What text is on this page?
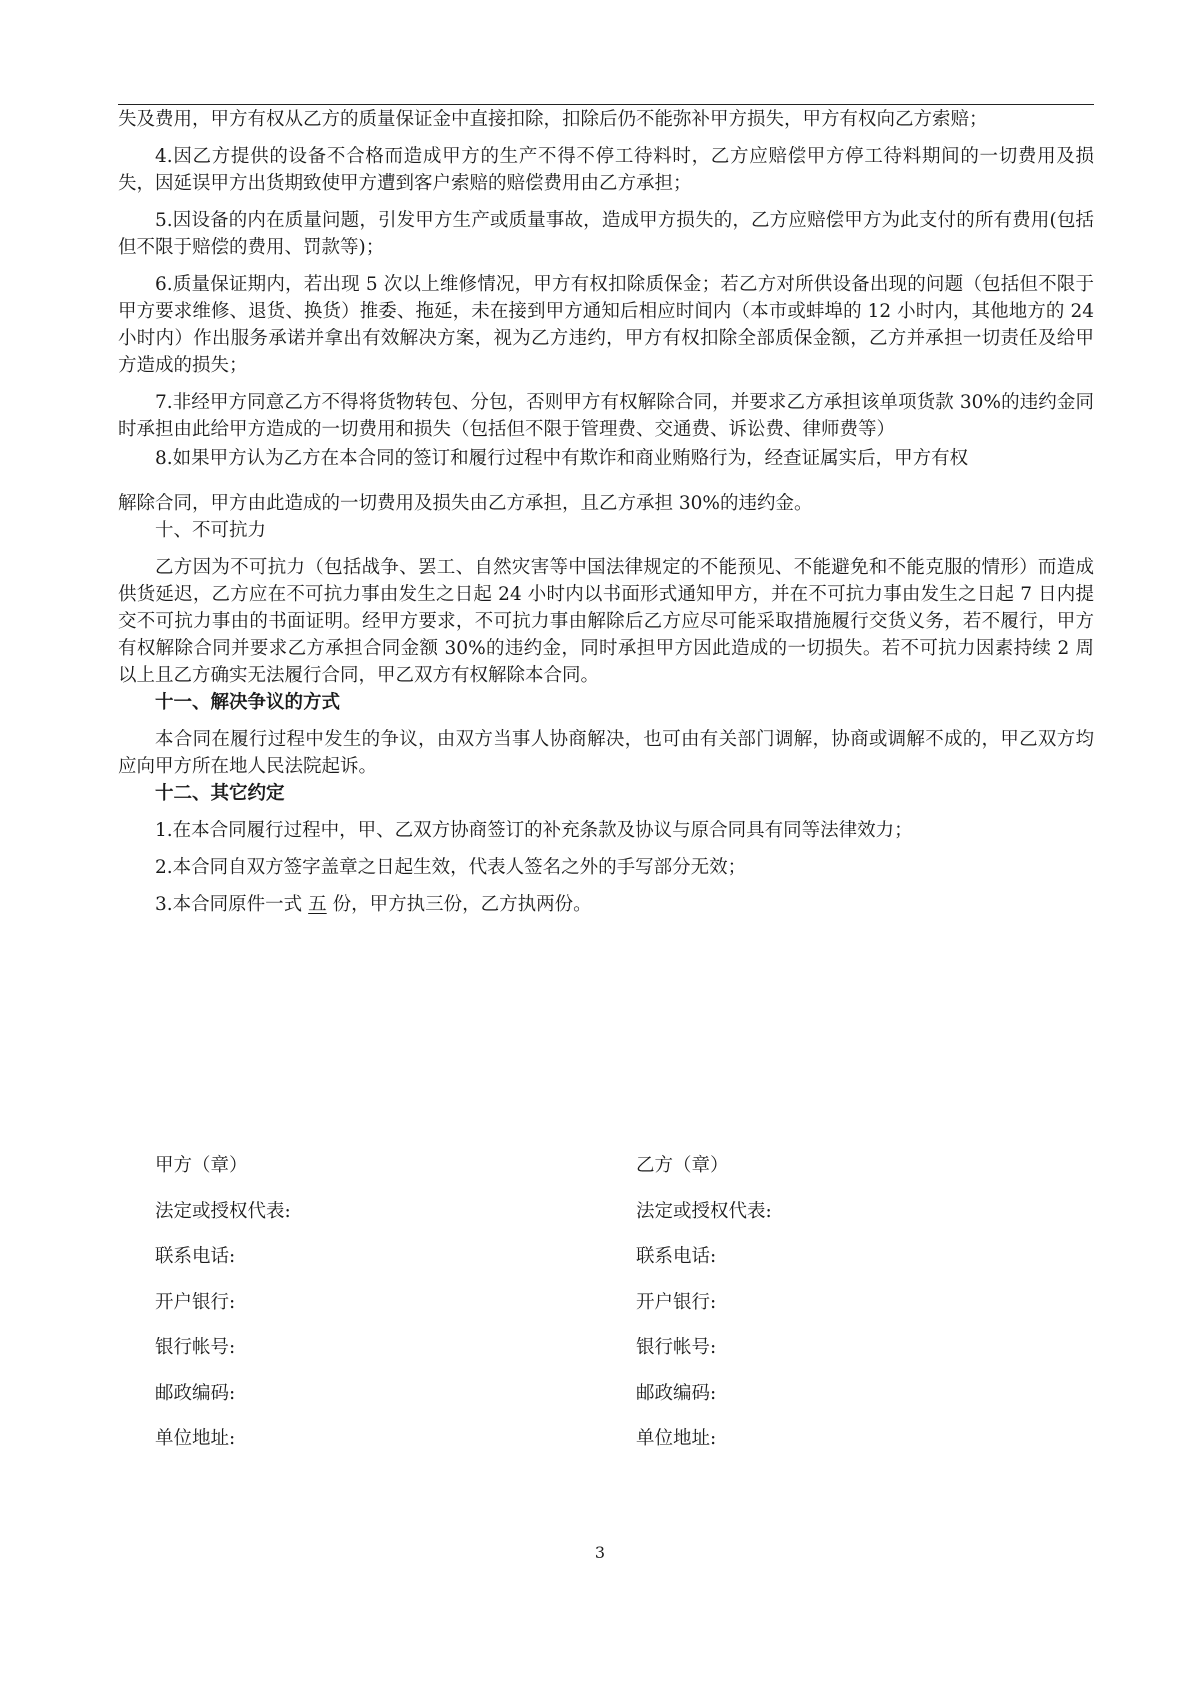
失及费用，甲方有权从乙方的质量保证金中直接扣除，扣除后仍不能弥补甲方损失，甲方有权向乙方索赔；

4.因乙方提供的设备不合格而造成甲方的生产不得不停工待料时，乙方应赔偿甲方停工待料期间的一切费用及损失，因延误甲方出货期致使甲方遭到客户索赔的赔偿费用由乙方承担；

5.因设备的内在质量问题，引发甲方生产或质量事故，造成甲方损失的，乙方应赔偿甲方为此支付的所有费用(包括但不限于赔偿的费用、罚款等)；

6.质量保证期内，若出现 5 次以上维修情况，甲方有权扣除质保金；若乙方对所供设备出现的问题（包括但不限于甲方要求维修、退货、换货）推委、拖延，未在接到甲方通知后相应时间内（本市或蚌埠的 12 小时内，其他地方的 24 小时内）作出服务承诺并拿出有效解决方案，视为乙方违约，甲方有权扣除全部质保金额，乙方并承担一切责任及给甲方造成的损失；

7.非经甲方同意乙方不得将货物转包、分包，否则甲方有权解除合同，并要求乙方承担该单项货款 30%的违约金同时承担由此给甲方造成的一切费用和损失（包括但不限于管理费、交通费、诉讼费、律师费等）

8.如果甲方认为乙方在本合同的签订和履行过程中有欺诈和商业贿赂行为，经查证属实后，甲方有权

解除合同，甲方由此造成的一切费用及损失由乙方承担，且乙方承担 30%的违约金。

十、不可抗力

乙方因为不可抗力（包括战争、罢工、自然灾害等中国法律规定的不能预见、不能避免和不能克服的情形）而造成供货延迟，乙方应在不可抗力事由发生之日起 24 小时内以书面形式通知甲方，并在不可抗力事由发生之日起 7 日内提交不可抗力事由的书面证明。经甲方要求，不可抗力事由解除后乙方应尽可能采取措施履行交货义务，若不履行，甲方有权解除合同并要求乙方承担合同金额 30%的违约金，同时承担甲方因此造成的一切损失。若不可抗力因素持续 2 周以上且乙方确实无法履行合同，甲乙双方有权解除本合同。

十一、解决争议的方式

本合同在履行过程中发生的争议，由双方当事人协商解决，也可由有关部门调解，协商或调解不成的，甲乙双方均应向甲方所在地人民法院起诉。

十二、其它约定

1.在本合同履行过程中，甲、乙双方协商签订的补充条款及协议与原合同具有同等法律效力；

2.本合同自双方签字盖章之日起生效，代表人签名之外的手写部分无效；

3.本合同原件一式 五 份，甲方执三份，乙方执两份。

甲方（章）	乙方（章）
法定或授权代表:	法定或授权代表:
联系电话:	联系电话:
开户银行:	开户银行:
银行帐号:	银行帐号:
邮政编码:	邮政编码:
单位地址:	单位地址:
3
